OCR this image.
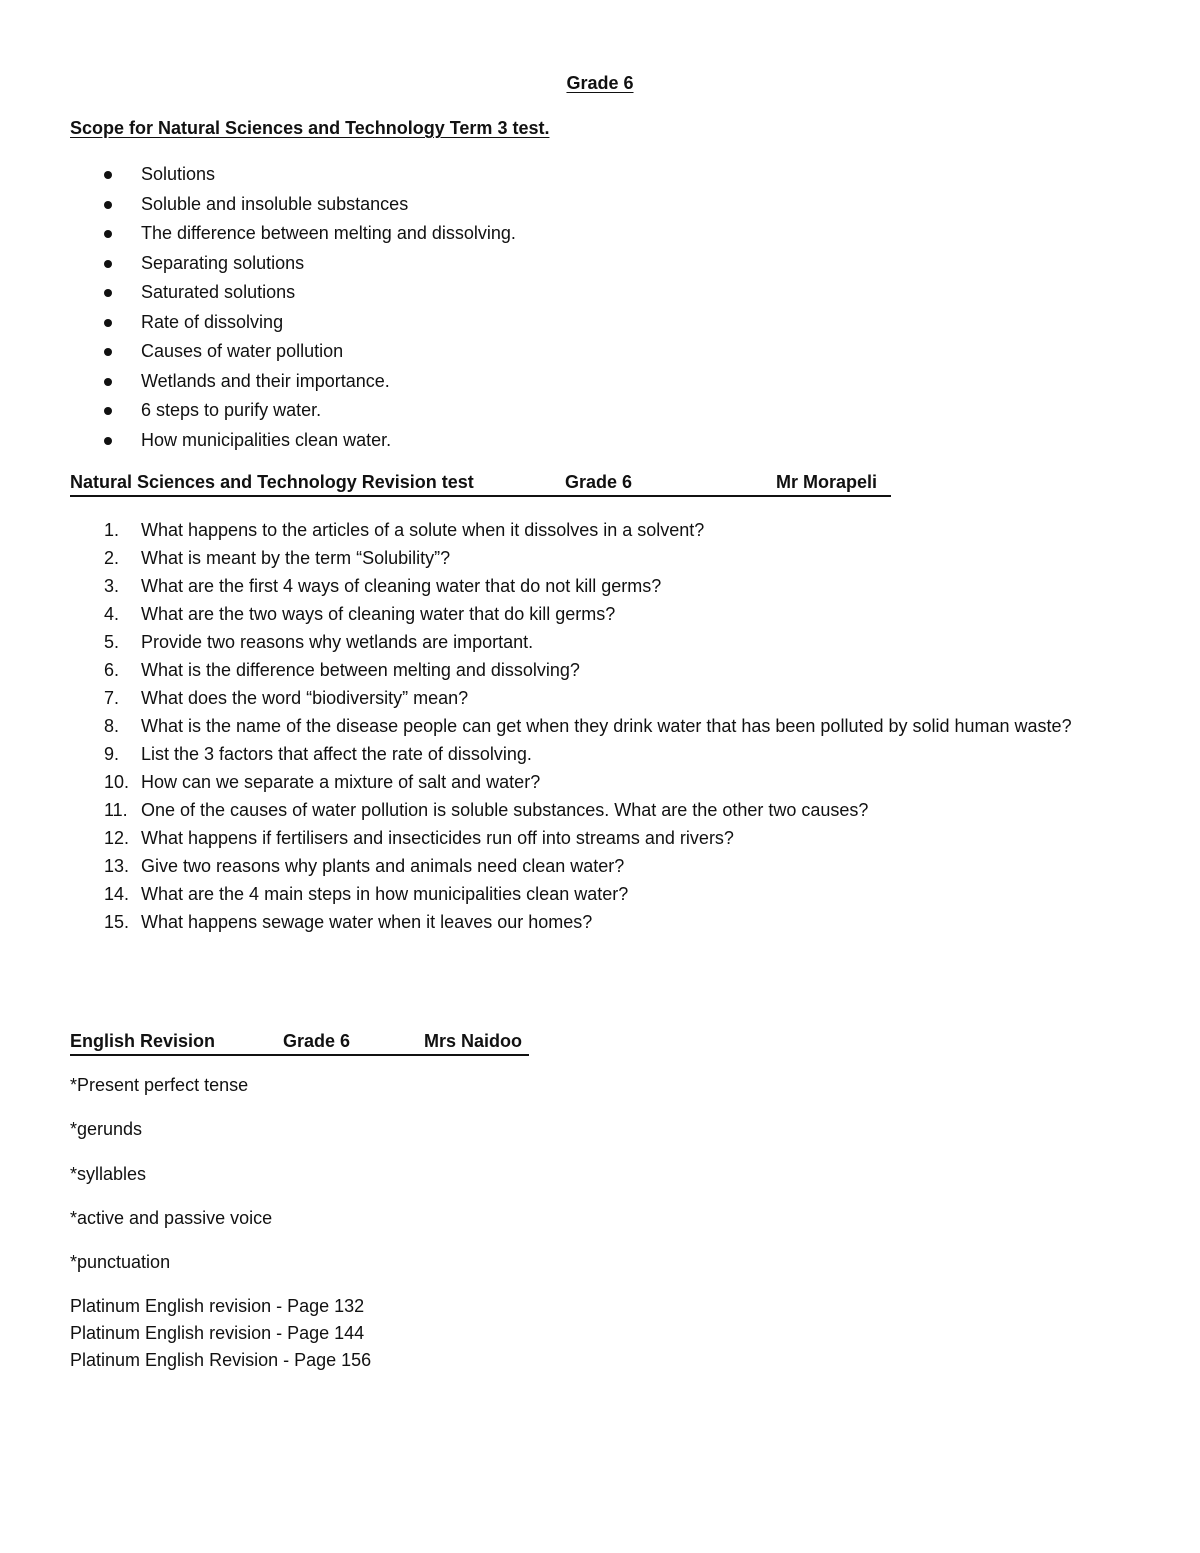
Grade 6
Scope for Natural Sciences and Technology Term 3 test.
Solutions
Soluble and insoluble substances
The difference between melting and dissolving.
Separating solutions
Saturated solutions
Rate of dissolving
Causes of water pollution
Wetlands and their importance.
6 steps to purify water.
How municipalities clean water.
Natural Sciences and Technology Revision test	Grade 6	Mr Morapeli
1. What happens to the articles of a solute when it dissolves in a solvent?
2. What is meant by the term “Solubility”?
3. What are the first 4 ways of cleaning water that do not kill germs?
4. What are the two ways of cleaning water that do kill germs?
5. Provide two reasons why wetlands are important.
6. What is the difference between melting and dissolving?
7. What does the word “biodiversity” mean?
8. What is the name of the disease people can get when they drink water that has been polluted by solid human waste?
9. List the 3 factors that affect the rate of dissolving.
10. How can we separate a mixture of salt and water?
11. One of the causes of water pollution is soluble substances. What are the other two causes?
12. What happens if fertilisers and insecticides run off into streams and rivers?
13. Give two reasons why plants and animals need clean water?
14. What are the 4 main steps in how municipalities clean water?
15. What happens sewage water when it leaves our homes?
English Revision	Grade 6	Mrs Naidoo
*Present perfect tense
*gerunds
*syllables
*active and passive voice
*punctuation
Platinum English revision - Page 132
Platinum English revision - Page 144
Platinum English Revision - Page 156
